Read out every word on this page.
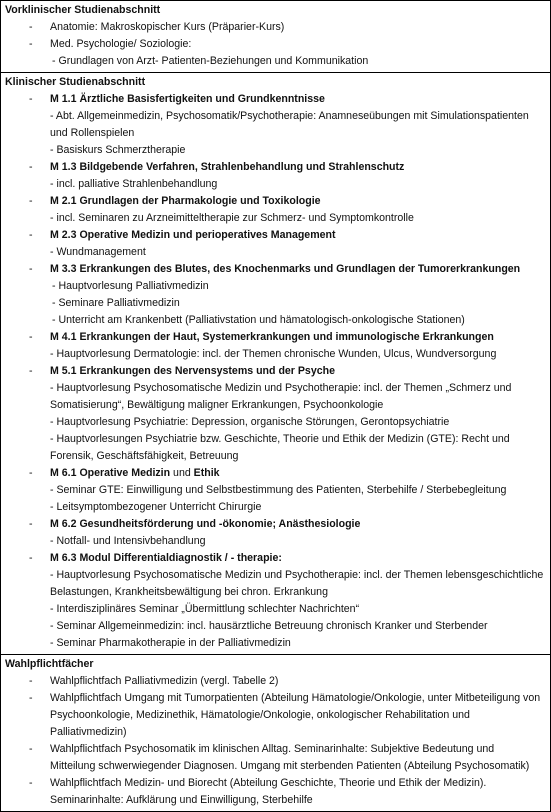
Vorklinischer Studienabschnitt
- Anatomie: Makroskopischer Kurs (Präparier-Kurs)
- Med. Psychologie/ Soziologie:
- Grundlagen von Arzt- Patienten-Beziehungen und Kommunikation
Klinischer Studienabschnitt
- M 1.1 Ärztliche Basisfertigkeiten und Grundkenntnisse
- Abt. Allgemeinmedizin, Psychosomatik/Psychotherapie: Anamneseübungen mit Simulationspatienten und Rollenspielen
- Basiskurs Schmerztherapie
- M 1.3 Bildgebende Verfahren, Strahlenbehandlung und Strahlenschutz
- incl. palliative Strahlenbehandlung
- M 2.1 Grundlagen der Pharmakologie und Toxikologie
- incl. Seminaren zu Arzneimitteltherapie zur Schmerz- und Symptomkontrolle
- M 2.3 Operative Medizin und perioperatives Management
- Wundmanagement
- M 3.3 Erkrankungen des Blutes, des Knochenmarks und Grundlagen der Tumorerkrankungen
- Hauptvorlesung Palliativmedizin
- Seminare Palliativmedizin
- Unterricht am Krankenbett (Palliativstation und hämatologisch-onkologische Stationen)
- M 4.1 Erkrankungen der Haut, Systemerkrankungen und immunologische Erkrankungen
- Hauptvorlesung Dermatologie: incl. der Themen chronische Wunden, Ulcus, Wundversorgung
- M 5.1 Erkrankungen des Nervensystems und der Psyche
- Hauptvorlesung Psychosomatische Medizin und Psychotherapie: incl. der Themen „Schmerz und Somatisierung“, Bewältigung maligner Erkrankungen, Psychoonkologie
- Hauptvorlesung Psychiatrie: Depression, organische Störungen, Gerontopsychiatrie
- Hauptvorlesungen Psychiatrie bzw. Geschichte, Theorie und Ethik der Medizin (GTE): Recht und Forensik, Geschäftsfähigkeit, Betreuung
- M 6.1 Operative Medizin und Ethik
- Seminar GTE: Einwilligung und Selbstbestimmung des Patienten, Sterbehilfe / Sterbebegleitung
- Leitsymptombezogener Unterricht Chirurgie
- M 6.2 Gesundheitsförderung und -ökonomie; Anästhesiologie
- Notfall- und Intensivbehandlung
- M 6.3 Modul Differentialdiagnostik / - therapie:
- Hauptvorlesung Psychosomatische Medizin und Psychotherapie: incl. der Themen lebensgeschichtliche Belastungen, Krankheitsbewältigung bei chron. Erkrankung
- Interdisziplinäres Seminar „Übermittlung schlechter Nachrichten“
- Seminar Allgemeinmedizin: incl. hausärztliche Betreuung chronisch Kranker und Sterbender
- Seminar Pharmakotherapie in der Palliativmedizin
Wahlpflichtfächer
- Wahlpflichtfach Palliativmedizin (vergl. Tabelle 2)
- Wahlpflichtfach Umgang mit Tumorpatienten (Abteilung Hämatologie/Onkologie, unter Mitbeteiligung von Psychoonkologie, Medizinethik, Hämatologie/Onkologie, onkologischer Rehabilitation und Palliativmedizin)
- Wahlpflichtfach Psychosomatik im klinischen Alltag. Seminarinhalte: Subjektive Bedeutung und Mitteilung schwerwiegender Diagnosen. Umgang mit sterbenden Patienten (Abteilung Psychosomatik)
- Wahlpflichtfach Medizin- und Biorecht (Abteilung Geschichte, Theorie und Ethik der Medizin). Seminarinhalte: Aufklärung und Einwilligung, Sterbehilfe
